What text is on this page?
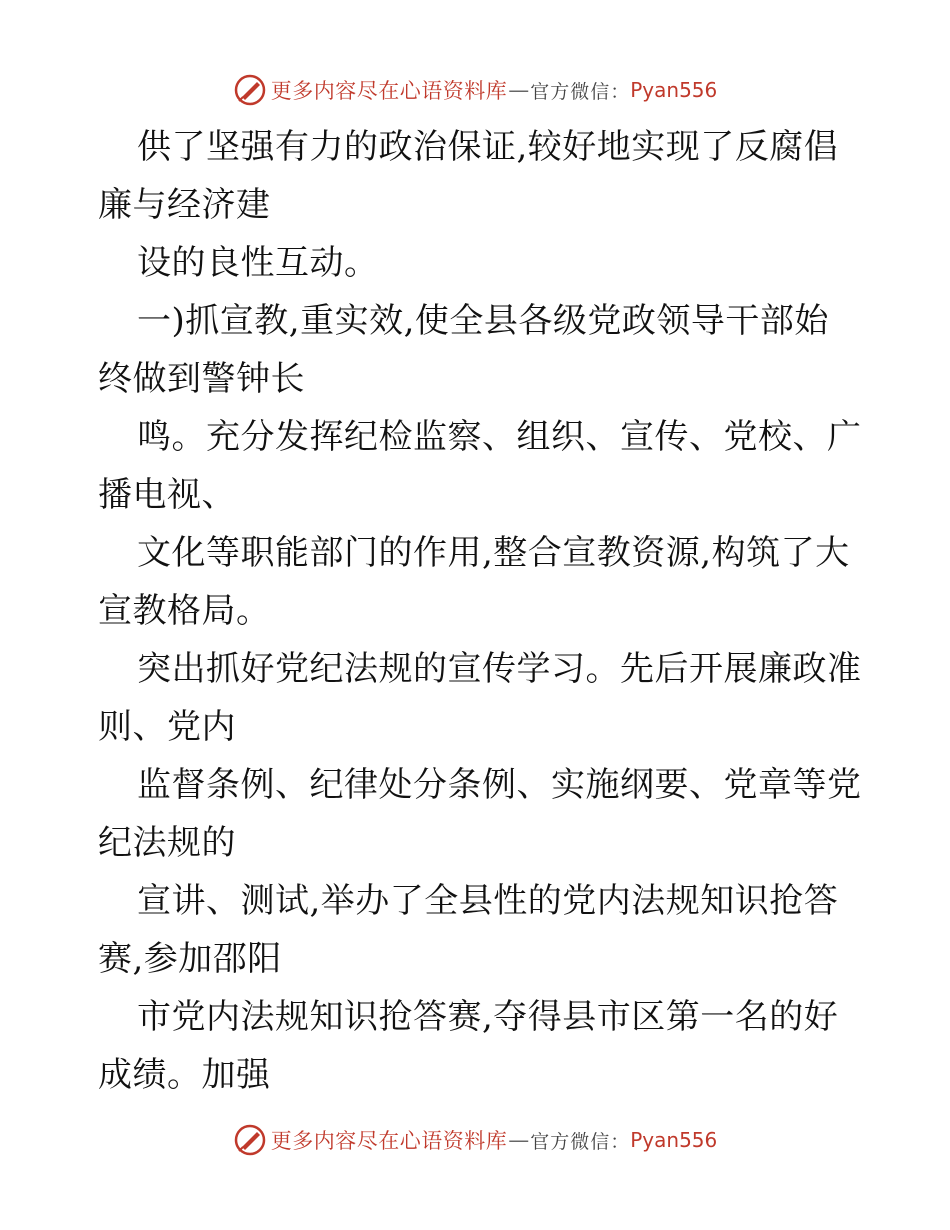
更多内容尽在心语资料库 — 官方微信： Pyan556

供了坚强有力的政治保证,较好地实现了反腐倡
廉与经济建

设的良性互动。

一)抓宣教,重实效,使全县各级党政领导干部始
终做到警钟长

鸣。充分发挥纪检监察、组织、宣传、党校、广
播电视、

文化等职能部门的作用,整合宣教资源,构筑了大
宣教格局。

突出抓好党纪法规的宣传学习。先后开展廉政准
则、党内

监督条例、纪律处分条例、实施纲要、党章等党
纪法规的

宣讲、测试,举办了全县性的党内法规知识抢答
赛,参加邵阳

市党内法规知识抢答赛,夺得县市区第一名的好
成绩。加强

更多内容尽在心语资料库 — 官方微信： Pyan556
